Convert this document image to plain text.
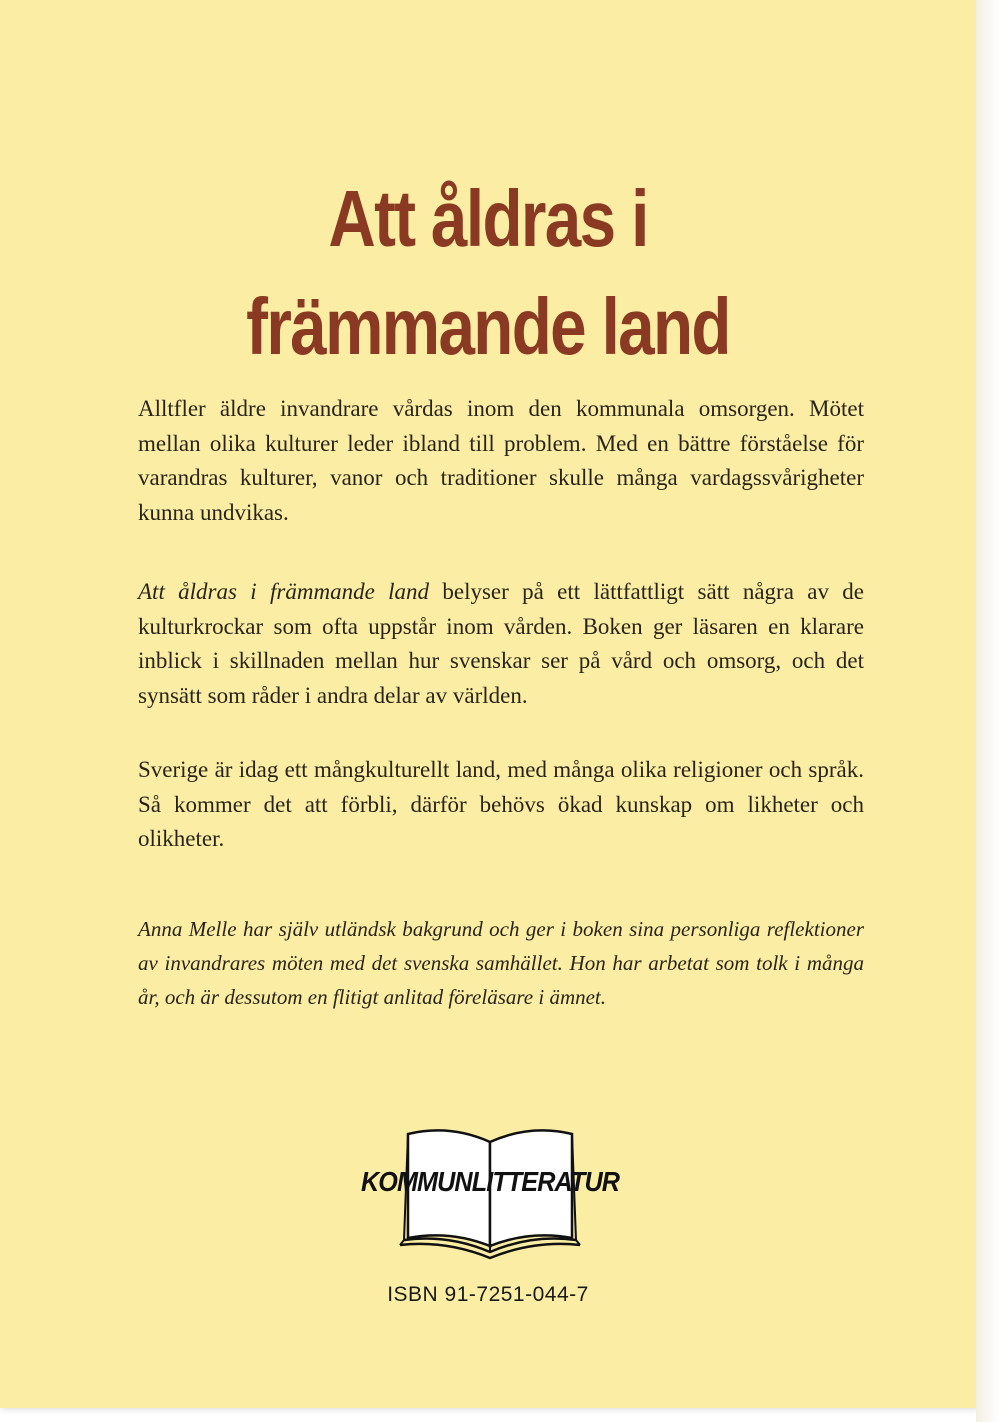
Att åldras i
främmande land
Alltfler äldre invandrare vårdas inom den kommunala omsorgen. Mötet mellan olika kulturer leder ibland till problem. Med en bättre förståelse för varandras kulturer, vanor och traditioner skulle många vardagssvårigheter kunna undvikas.
Att åldras i främmande land belyser på ett lättfattligt sätt några av de kulturkrockar som ofta uppstår inom vården. Boken ger läsaren en klarare inblick i skillnaden mellan hur svenskar ser på vård och omsorg, och det synsätt som råder i andra delar av världen.
Sverige är idag ett mångkulturellt land, med många olika religioner och språk. Så kommer det att förbli, därför behövs ökad kunskap om likheter och olikheter.
Anna Melle har själv utländsk bakgrund och ger i boken sina personliga reflektioner av invandrares möten med det svenska samhället. Hon har arbetat som tolk i många år, och är dessutom en flitigt anlitad föreläsare i ämnet.
KOMMUNLITTERATUR
ISBN 91-7251-044-7
